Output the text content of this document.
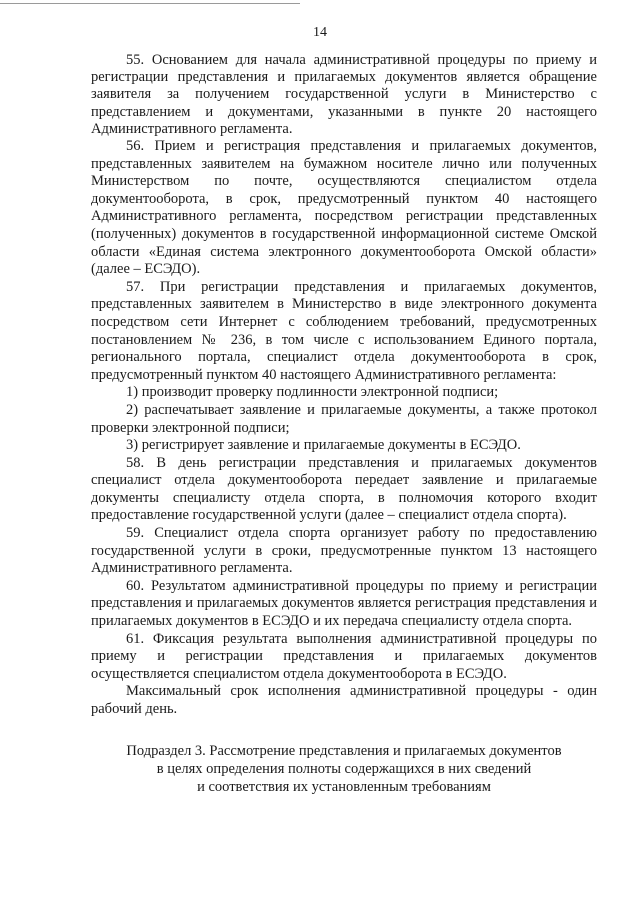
14

55. Основанием для начала административной процедуры по приему и регистрации представления и прилагаемых документов является обращение заявителя за получением государственной услуги в Министерство с представлением и документами, указанными в пункте 20 настоящего Административного регламента.

56. Прием и регистрация представления и прилагаемых документов, представленных заявителем на бумажном носителе лично или полученных Министерством по почте, осуществляются специалистом отдела документооборота, в срок, предусмотренный пунктом 40 настоящего Административного регламента, посредством регистрации представленных (полученных) документов в государственной информационной системе Омской области «Единая система электронного документооборота Омской области» (далее – ЕСЭДО).

57. При регистрации представления и прилагаемых документов, представленных заявителем в Министерство в виде электронного документа посредством сети Интернет с соблюдением требований, предусмотренных постановлением № 236, в том числе с использованием Единого портала, регионального портала, специалист отдела документооборота в срок, предусмотренный пунктом 40 настоящего Административного регламента:

1) производит проверку подлинности электронной подписи;

2) распечатывает заявление и прилагаемые документы, а также протокол проверки электронной подписи;

3) регистрирует заявление и прилагаемые документы в ЕСЭДО.

58. В день регистрации представления и прилагаемых документов специалист отдела документооборота передает заявление и прилагаемые документы специалисту отдела спорта, в полномочия которого входит предоставление государственной услуги (далее – специалист отдела спорта).

59. Специалист отдела спорта организует работу по предоставлению государственной услуги в сроки, предусмотренные пунктом 13 настоящего Административного регламента.

60. Результатом административной процедуры по приему и регистрации представления и прилагаемых документов является регистрация представления и прилагаемых документов в ЕСЭДО и их передача специалисту отдела спорта.

61. Фиксация результата выполнения административной процедуры по приему и регистрации представления и прилагаемых документов осуществляется специалистом отдела документооборота в ЕСЭДО.

Максимальный срок исполнения административной процедуры - один рабочий день.

Подраздел 3. Рассмотрение представления и прилагаемых документов
в целях определения полноты содержащихся в них сведений
и соответствия их установленным требованиям
